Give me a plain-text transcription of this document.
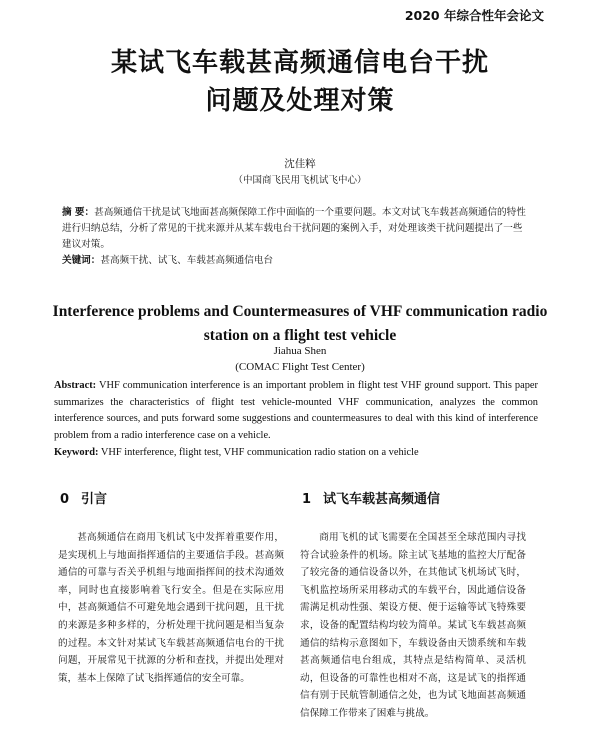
2020 年综合性年会论文
某试飞车载甚高频通信电台干扰
问题及处理对策
沈佳粹
（中国商飞民用飞机试飞中心）
摘 要：甚高频通信干扰是试飞地面甚高频保障工作中面临的一个重要问题。本文对试飞车载甚高频通信的特性进行归纳总结，分析了常见的干扰来源并从某车载电台干扰问题的案例入手，对处理该类干扰问题提出了一些建议对策。
关键词：甚高频干扰、试飞、车载甚高频通信电台
Interference problems and Countermeasures of VHF communication radio
station on a flight test vehicle
Jiahua Shen
(COMAC Flight Test Center)
Abstract: VHF communication interference is an important problem in flight test VHF ground support. This paper summarizes the characteristics of flight test vehicle-mounted VHF communication, analyzes the common interference sources, and puts forward some suggestions and countermeasures to deal with this kind of interference problem from a radio interference case on a vehicle.
Keyword: VHF interference, flight test, VHF communication radio station on a vehicle
0 引言

甚高频通信在商用飞机试飞中发挥着重要作用，是实现机上与地面指挥通信的主要通信手段。甚高频通信的可靠与否关乎机组与地面指挥间的技术沟通效率，同时也直接影响着飞行安全。但是在实际应用中，甚高频通信不可避免地会遇到干扰问题，且干扰的来源是多种多样的，分析处理干扰问题是相当复杂的过程。本文针对某试飞车载甚高频通信电台的干扰问题，开展常见干扰源的分析和查找，并提出处理对策，基本上保障了试飞指挥通信的安全可靠。

1 试飞车载甚高频通信

商用飞机的试飞需要在全国甚至全球范围内寻找符合试验条件的机场。除主试飞基地的监控大厅配备了较完备的通信设备以外，在其他试飞机场试飞时，飞机监控场所采用移动式的车载平台，因此通信设备需满足机动性强、架设方便、便于运输等试飞特殊要求，设备的配置结构均较为简单。某试飞车载甚高频通信的结构示意图如下，车载设备由天馈系统和车载甚高频通信电台组成，其特点是结构简单、灵活机动，但设备的可靠性也相对不高，这是试飞的指挥通信有别于民航管制通信之处，也为试飞地面甚高频通信保障工作带来了困难与挑战。
